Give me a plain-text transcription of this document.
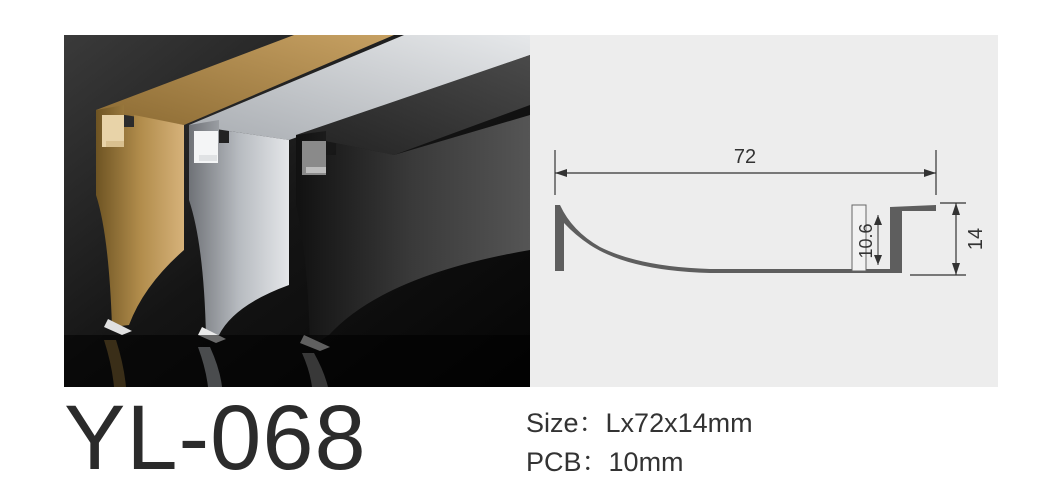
72
10.6	14
YL-068	Size：Lx72x14mm
PCB：10mm
